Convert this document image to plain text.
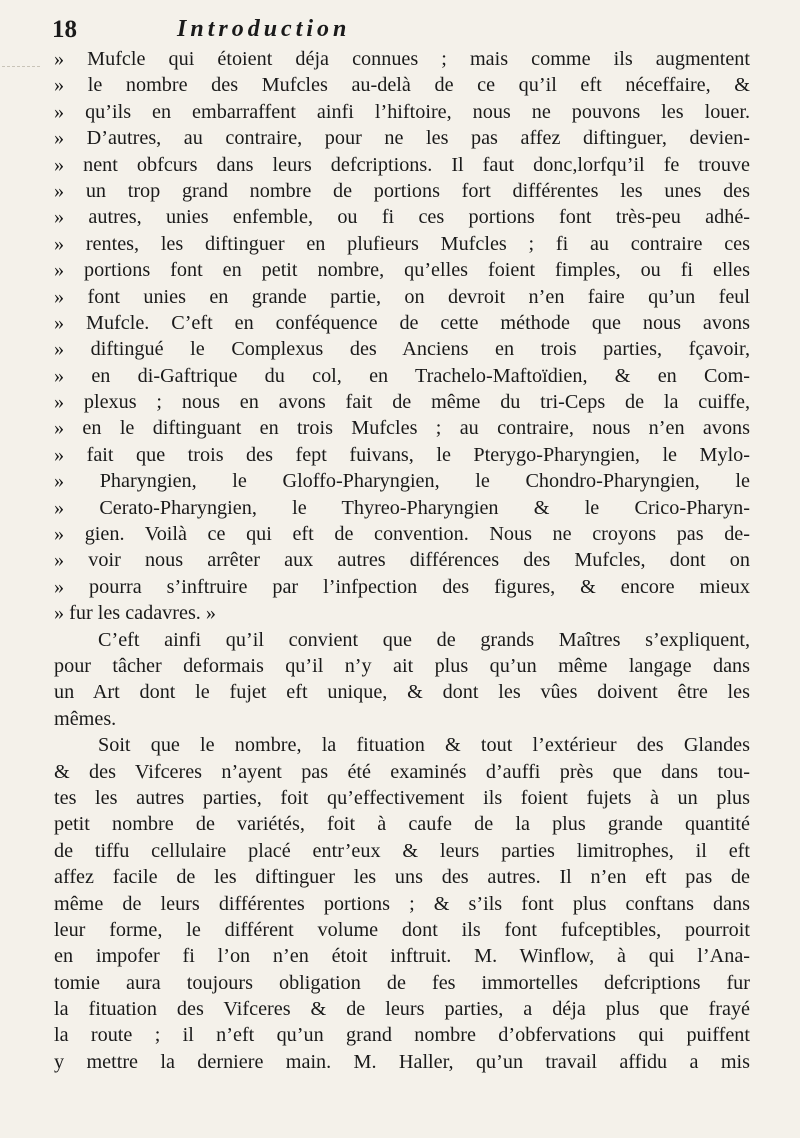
18	Introduction
» Mufcle qui étoient déja connues ; mais comme ils augmentent
» le nombre des Mufcles au-delà de ce qu’il eft néceffaire, &
» qu’ils en embarraffent ainfi l’hiftoire, nous ne pouvons les louer.
» D’autres, au contraire, pour ne les pas affez diftinguer, devien-
» nent obfcurs dans leurs defcriptions. Il faut donc,lorfqu’il fe trouve
» un trop grand nombre de portions fort différentes les unes des
» autres, unies enfemble, ou fi ces portions font très-peu adhé-
» rentes, les diftinguer en plufieurs Mufcles ; fi au contraire ces
» portions font en petit nombre, qu’elles foient fimples, ou fi elles
» font unies en grande partie, on devroit n’en faire qu’un feul
» Mufcle. C’eft en conféquence de cette méthode que nous avons
» diftingué le Complexus des Anciens en trois parties, fçavoir,
» en di-Gaftrique du col, en Trachelo-Maftoïdien, & en Com-
» plexus ; nous en avons fait de même du tri-Ceps de la cuiffe,
» en le diftinguant en trois Mufcles ; au contraire, nous n’en avons
» fait que trois des fept fuivans, le Pterygo-Pharyngien, le Mylo-
» Pharyngien, le Gloffo-Pharyngien, le Chondro-Pharyngien, le
» Cerato-Pharyngien, le Thyreo-Pharyngien & le Crico-Pharyn-
» gien. Voilà ce qui eft de convention. Nous ne croyons pas de-
» voir nous arrêter aux autres différences des Mufcles, dont on
» pourra s’inftruire par l’infpection des figures, & encore mieux
» fur les cadavres. »
C’eft ainfi qu’il convient que de grands Maîtres s’expliquent,
pour tâcher deformais qu’il n’y ait plus qu’un même langage dans
un Art dont le fujet eft unique, & dont les vûes doivent être les
mêmes.
Soit que le nombre, la fituation & tout l’extérieur des Glandes
& des Vifceres n’ayent pas été examinés d’auffi près que dans tou-
tes les autres parties, foit qu’effectivement ils foient fujets à un plus
petit nombre de variétés, foit à caufe de la plus grande quantité
de tiffu cellulaire placé entr’eux & leurs parties limitrophes, il eft
affez facile de les diftinguer les uns des autres. Il n’en eft pas de
même de leurs différentes portions ; & s’ils font plus conftans dans
leur forme, le différent volume dont ils font fufceptibles, pourroit
en impofer fi l’on n’en étoit inftruit. M. Winflow, à qui l’Ana-
tomie aura toujours obligation de fes immortelles defcriptions fur
la fituation des Vifceres & de leurs parties, a déja plus que frayé
la route ; il n’eft qu’un grand nombre d’obfervations qui puiffent
y mettre la derniere main. M. Haller, qu’un travail affidu a mis
